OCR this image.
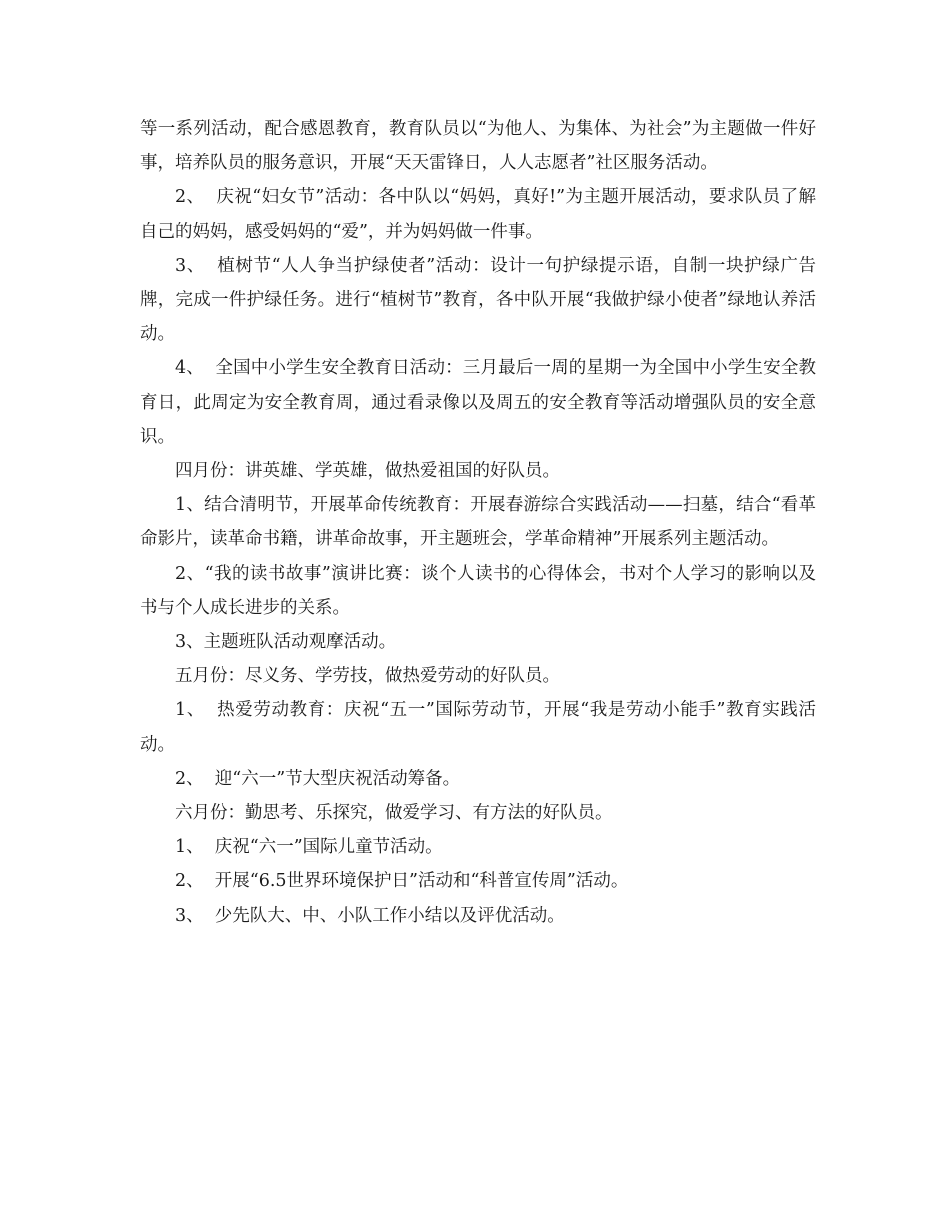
等一系列活动，配合感恩教育，教育队员以“为他人、为集体、为社会”为主题做一件好事，培养队员的服务意识，开展“天天雷锋日，人人志愿者”社区服务活动。

2、  庆祝“妇女节”活动：各中队以“妈妈，真好!”为主题开展活动，要求队员了解自己的妈妈，感受妈妈的“爱”，并为妈妈做一件事。

3、  植树节“人人争当护绿使者”活动：设计一句护绿提示语，自制一块护绿广告牌，完成一件护绿任务。进行“植树节”教育，各中队开展“我做护绿小使者”绿地认养活动。

4、  全国中小学生安全教育日活动：三月最后一周的星期一为全国中小学生安全教育日，此周定为安全教育周，通过看录像以及周五的安全教育等活动增强队员的安全意识。

四月份：讲英雄、学英雄，做热爱祖国的好队员。

1、结合清明节，开展革命传统教育：开展春游综合实践活动——扫墓，结合“看革命影片，读革命书籍，讲革命故事，开主题班会，学革命精神”开展系列主题活动。

2、“我的读书故事”演讲比赛：谈个人读书的心得体会，书对个人学习的影响以及书与个人成长进步的关系。

3、主题班队活动观摩活动。

五月份：尽义务、学劳技，做热爱劳动的好队员。

1、  热爱劳动教育：庆祝“五一”国际劳动节，开展“我是劳动小能手”教育实践活动。

2、  迎“六一”节大型庆祝活动筹备。

六月份：勤思考、乐探究，做爱学习、有方法的好队员。

1、  庆祝“六一”国际儿童节活动。

2、  开展“6.5世界环境保护日”活动和“科普宣传周”活动。

3、  少先队大、中、小队工作小结以及评优活动。
